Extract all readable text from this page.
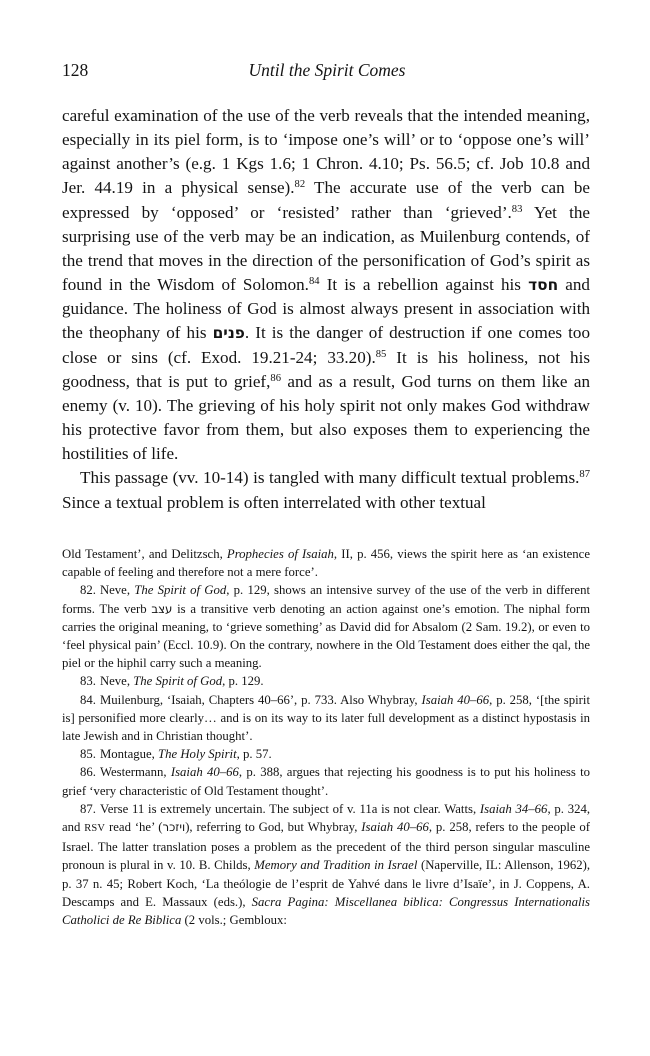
128	Until the Spirit Comes

careful examination of the use of the verb reveals that the intended meaning, especially in its piel form, is to ‘impose one’s will’ or to ‘oppose one’s will’ against another’s (e.g. 1 Kgs 1.6; 1 Chron. 4.10; Ps. 56.5; cf. Job 10.8 and Jer. 44.19 in a physical sense).$^{82}$ The accurate use of the verb can be expressed by ‘opposed’ or ‘resisted’ rather than ‘grieved’.$^{83}$ Yet the surprising use of the verb may be an indication, as Muilenburg contends, of the trend that moves in the direction of the personification of God’s spirit as found in the Wisdom of Solomon.$^{84}$ It is a rebellion against his חסד and guidance. The holiness of God is almost always present in association with the theophany of his פנים. It is the danger of destruction if one comes too close or sins (cf. Exod. 19.21-24; 33.20).$^{85}$ It is his holiness, not his goodness, that is put to grief,$^{86}$ and as a result, God turns on them like an enemy (v. 10). The grieving of his holy spirit not only makes God withdraw his protective favor from them, but also exposes them to experiencing the hostilities of life.

This passage (vv. 10-14) is tangled with many difficult textual problems.$^{87}$ Since a textual problem is often interrelated with other textual

Old Testament’, and Delitzsch, Prophecies of Isaiah, II, p. 456, views the spirit here as ‘an existence capable of feeling and therefore not a mere force’.

82. Neve, The Spirit of God, p. 129, shows an intensive survey of the use of the verb in different forms. The verb עצב is a transitive verb denoting an action against one’s emotion. The niphal form carries the original meaning, to ‘grieve something’ as David did for Absalom (2 Sam. 19.2), or even to ‘feel physical pain’ (Eccl. 10.9). On the contrary, nowhere in the Old Testament does either the qal, the piel or the hiphil carry such a meaning.

83. Neve, The Spirit of God, p. 129.

84. Muilenburg, ‘Isaiah, Chapters 40–66’, p. 733. Also Whybray, Isaiah 40–66, p. 258, ‘[the spirit is] personified more clearly… and is on its way to its later full development as a distinct hypostasis in late Jewish and in Christian thought’.

85. Montague, The Holy Spirit, p. 57.

86. Westermann, Isaiah 40–66, p. 388, argues that rejecting his goodness is to put his holiness to grief ‘very characteristic of Old Testament thought’.

87. Verse 11 is extremely uncertain. The subject of v. 11a is not clear. Watts, Isaiah 34–66, p. 324, and RSV read ‘he’ (ויזכר), referring to God, but Whybray, Isaiah 40–66, p. 258, refers to the people of Israel. The latter translation poses a problem as the precedent of the third person singular masculine pronoun is plural in v. 10. B. Childs, Memory and Tradition in Israel (Naperville, IL: Allenson, 1962), p. 37 n. 45; Robert Koch, ‘La theólogie de l’esprit de Yahvé dans le livre d’Isaïe’, in J. Coppens, A. Descamps and E. Massaux (eds.), Sacra Pagina: Miscellanea biblica: Congressus Internationalis Catholici de Re Biblica (2 vols.; Gembloux:
